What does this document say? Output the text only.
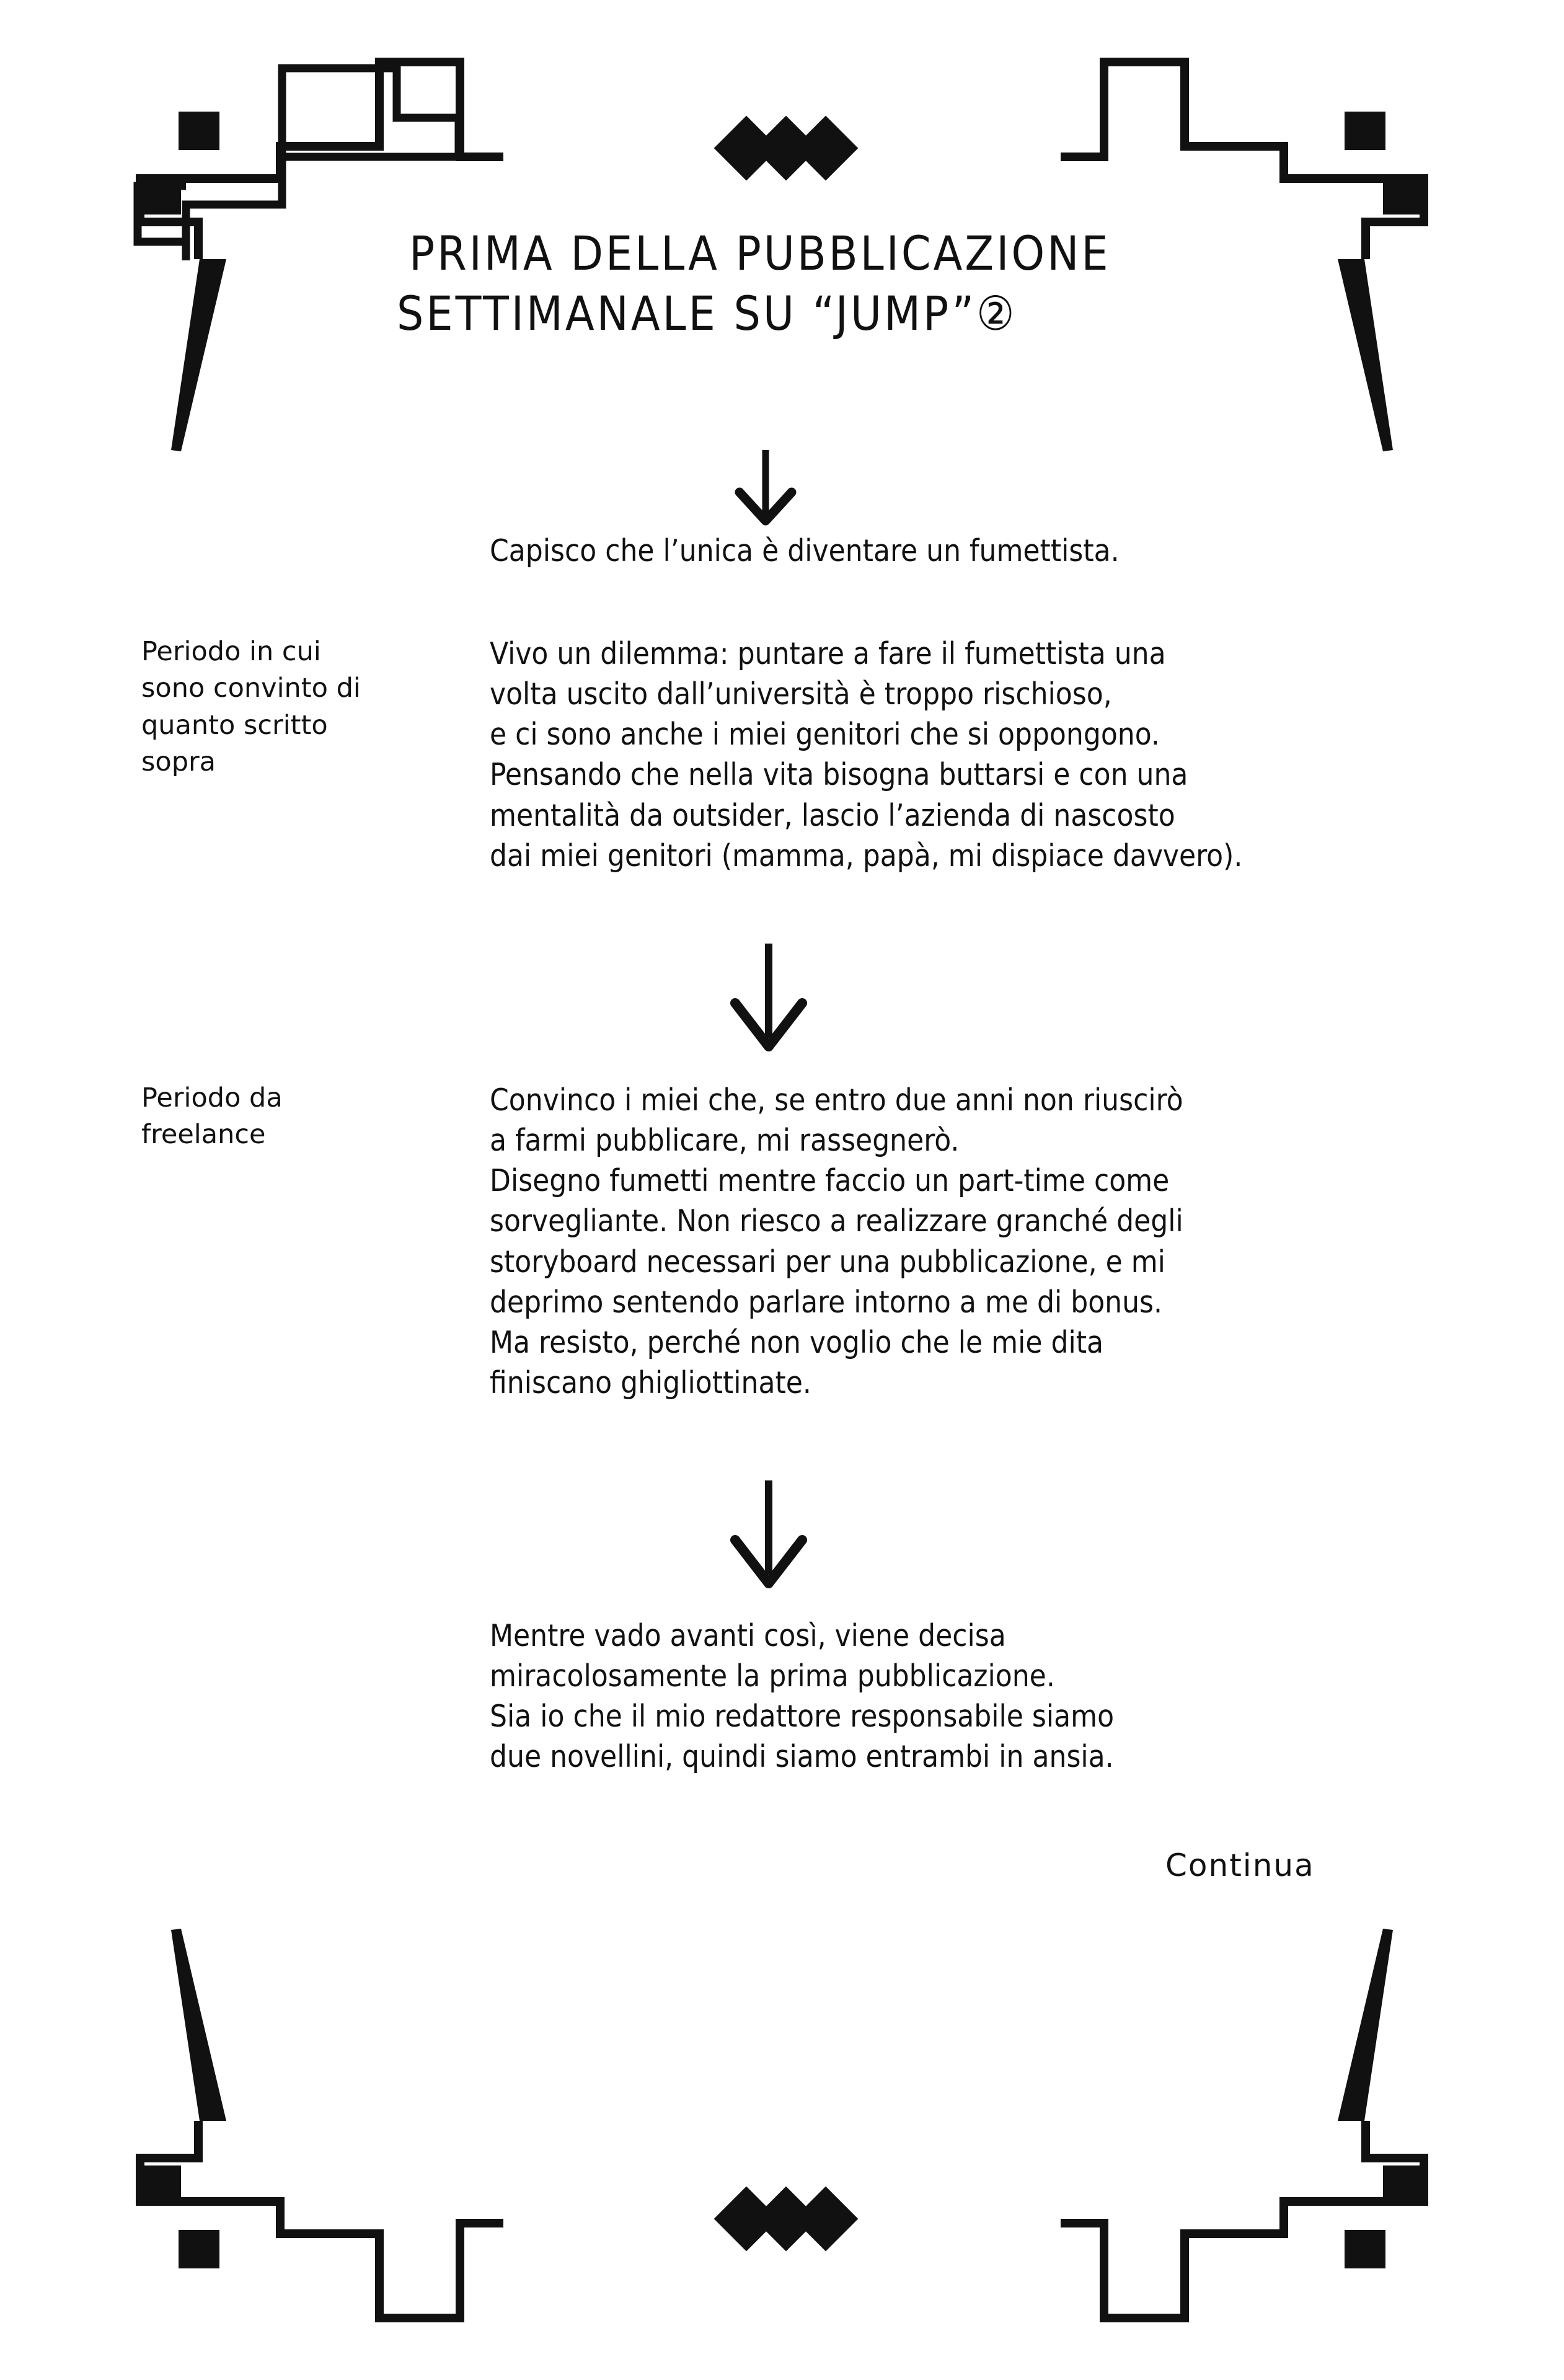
PRIMA DELLA PUBBLICAZIONE
SETTIMANALE SU “JUMP”②

Capisco che l’unica è diventare un fumettista.

Periodo in cui
sono convinto di
quanto scritto
sopra

Vivo un dilemma: puntare a fare il fumettista una

volta uscito dall’università è troppo rischioso,

e ci sono anche i miei genitori che si oppongono.

Pensando che nella vita bisogna buttarsi e con una

mentalità da outsider, lascio l’azienda di nascosto

dai miei genitori (mamma, papà, mi dispiace davvero).

Periodo da
freelance

Convinco i miei che, se entro due anni non riuscirò

a farmi pubblicare, mi rassegnerò.

Disegno fumetti mentre faccio un part-time come

sorvegliante. Non riesco a realizzare granché degli

storyboard necessari per una pubblicazione, e mi

deprimo sentendo parlare intorno a me di bonus.

Ma resisto, perché non voglio che le mie dita

finiscano ghigliottinate.

Mentre vado avanti così, viene decisa

miracolosamente la prima pubblicazione.

Sia io che il mio redattore responsabile siamo

due novellini, quindi siamo entrambi in ansia.

Continua
